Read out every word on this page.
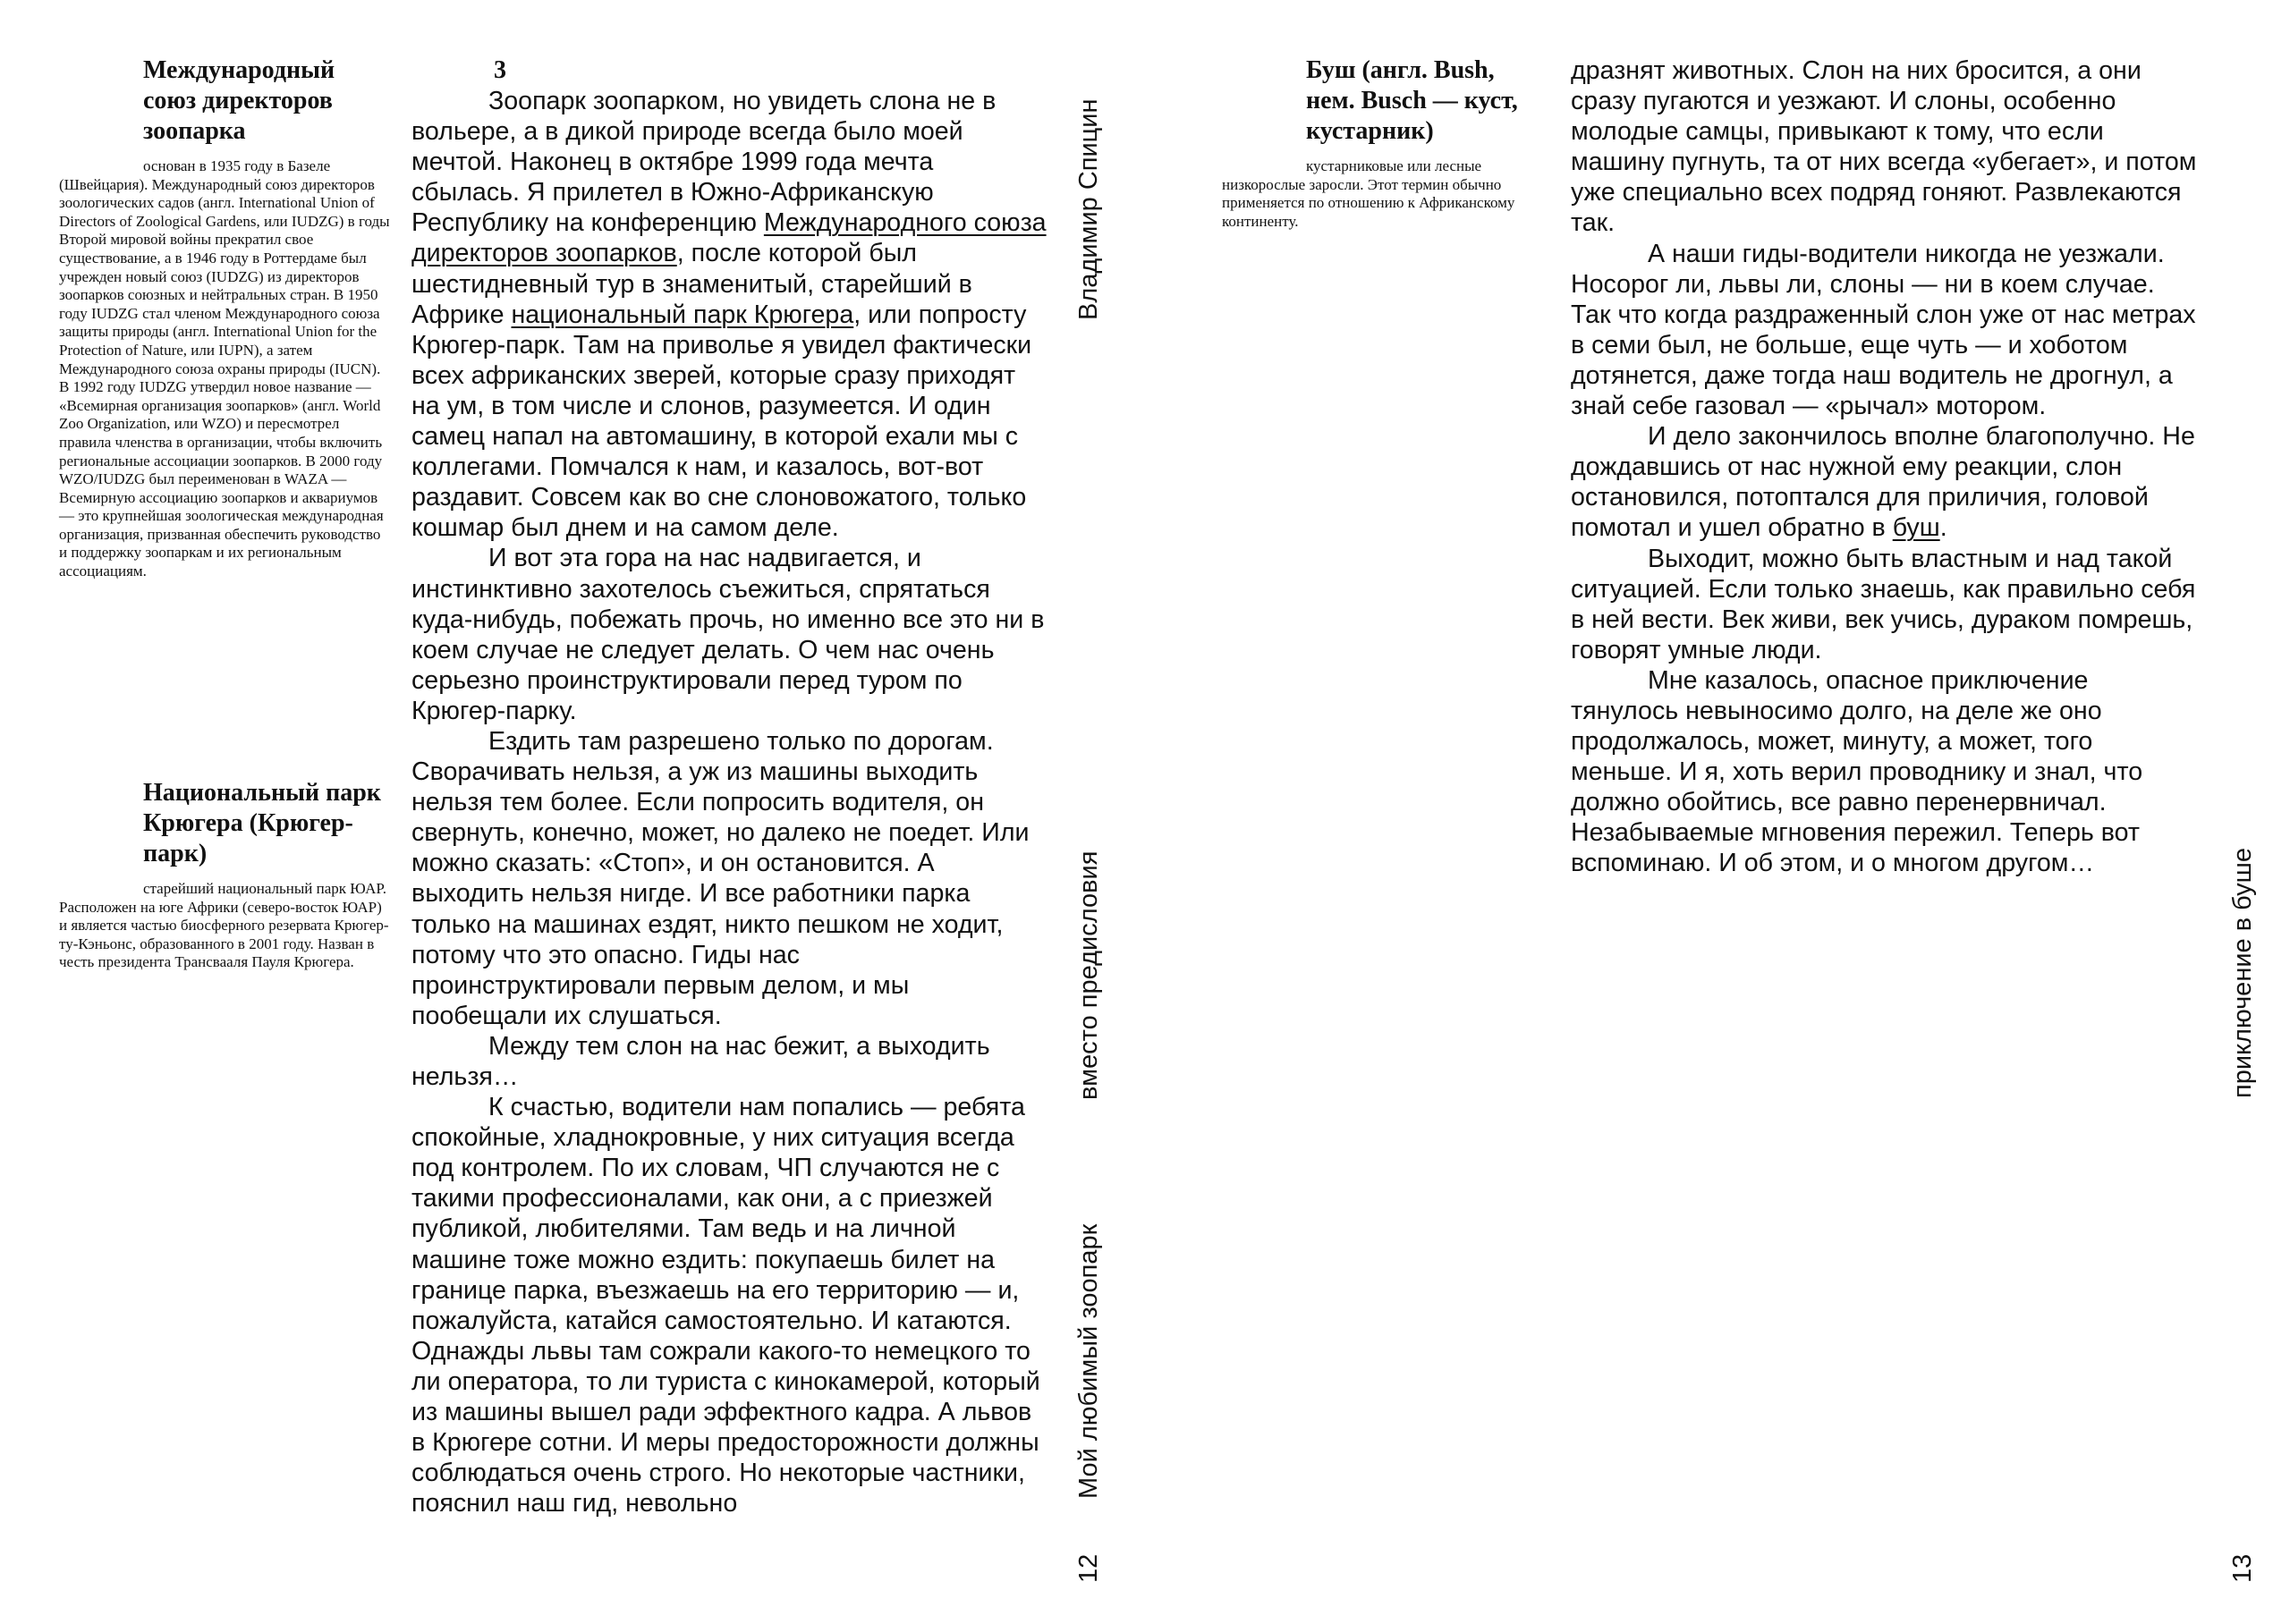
Международный союз директоров зоопарка

основан в 1935 году в Базеле (Швейцария). Международный союз директоров зоологических садов (англ. International Union of Directors of Zoological Gardens, или IUDZG) в годы Второй мировой войны прекратил свое существование, а в 1946 году в Роттердаме был учрежден новый союз (IUDZG) из директоров зоопарков союзных и нейтральных стран. В 1950 году IUDZG стал членом Международного союза защиты природы (англ. International Union for the Protection of Nature, или IUPN), а затем Международного союза охраны природы (IUCN). В 1992 году IUDZG утвердил новое название — «Всемирная организация зоопарков» (англ. World Zoo Organization, или WZO) и пересмотрел правила членства в организации, чтобы включить региональные ассоциации зоопарков. В 2000 году WZO/IUDZG был переименован в WAZA — Всемирную ассоциацию зоопарков и аквариумов — это крупнейшая зоологическая международная организация, призванная обеспечить руководство и поддержку зоопаркам и их региональным ассоциациям.

Национальный парк Крюгера (Крюгер-парк)

старейший национальный парк ЮАР. Расположен на юге Африки (северо-восток ЮАР) и является частью биосферного резервата Крюгер-ту-Кэньонс, образованного в 2001 году. Назван в честь президента Трансвааля Пауля Крюгера.

3

Зоопарк зоопарком, но увидеть слона не в вольере, а в дикой природе всегда было моей мечтой. Наконец в октябре 1999 года мечта сбылась. Я прилетел в Южно-Африканскую Республику на конференцию Международного союза директоров зоопарков, после которой был шестидневный тур в знаменитый, старейший в Африке национальный парк Крюгера, или попросту Крюгер-парк. Там на приволье я увидел фактически всех африканских зверей, которые сразу приходят на ум, в том числе и слонов, разумеется. И один самец напал на автомашину, в которой ехали мы с коллегами. Помчался к нам, и казалось, вот-вот раздавит. Совсем как во сне слоновожатого, только кошмар был днем и на самом деле.

И вот эта гора на нас надвигается, и инстинктивно захотелось съежиться, спрятаться куда-нибудь, побежать прочь, но именно все это ни в коем случае не следует делать. О чем нас очень серьезно проинструктировали перед туром по Крюгер-парку.

Ездить там разрешено только по дорогам. Сворачивать нельзя, а уж из машины выходить нельзя тем более. Если попросить водителя, он свернуть, конечно, может, но далеко не поедет. Или можно сказать: «Стоп», и он остановится. А выходить нельзя нигде. И все работники парка только на машинах ездят, никто пешком не ходит, потому что это опасно. Гиды нас проинструктировали первым делом, и мы пообещали их слушаться.

Между тем слон на нас бежит, а выходить нельзя…

К счастью, водители нам попались — ребята спокойные, хладнокровные, у них ситуация всегда под контролем. По их словам, ЧП случаются не с такими профессионалами, как они, а с приезжей публикой, любителями. Там ведь и на личной машине тоже можно ездить: покупаешь билет на границе парка, въезжаешь на его территорию — и, пожалуйста, катайся самостоятельно. И катаются. Однажды львы там сожрали какого-то немецкого то ли оператора, то ли туриста с кинокамерой, который из машины вышел ради эффектного кадра. А львов в Крюгере сотни. И меры предосторожности должны соблюдаться очень строго. Но некоторые частники, пояснил наш гид, невольно

Владимир Спицин
вместо предисловия
Мой любимый зоопарк
12
Буш (англ. Bush, нем. Busch — куст, кустарник)

кустарниковые или лесные низкорослые заросли. Этот термин обычно применяется по отношению к Африканскому континенту.

дразнят животных. Слон на них бросится, а они сразу пугаются и уезжают. И слоны, особенно молодые самцы, привыкают к тому, что если машину пугнуть, та от них всегда «убегает», и потом уже специально всех подряд гоняют. Развлекаются так.

А наши гиды-водители никогда не уезжали. Носорог ли, львы ли, слоны — ни в коем случае. Так что когда раздраженный слон уже от нас метрах в семи был, не больше, еще чуть — и хоботом дотянется, даже тогда наш водитель не дрогнул, а знай себе газовал — «рычал» мотором.

И дело закончилось вполне благополучно. Не дождавшись от нас нужной ему реакции, слон остановился, потоптался для приличия, головой помотал и ушел обратно в буш.

Выходит, можно быть властным и над такой ситуацией. Если только знаешь, как правильно себя в ней вести. Век живи, век учись, дураком помрешь, говорят умные люди.

Мне казалось, опасное приключение тянулось невыносимо долго, на деле же оно продолжалось, может, минуту, а может, того меньше. И я, хоть верил проводнику и знал, что должно обойтись, все равно перенервничал. Незабываемые мгновения пережил. Теперь вот вспоминаю. И об этом, и о многом другом…	приключение в буше
13
